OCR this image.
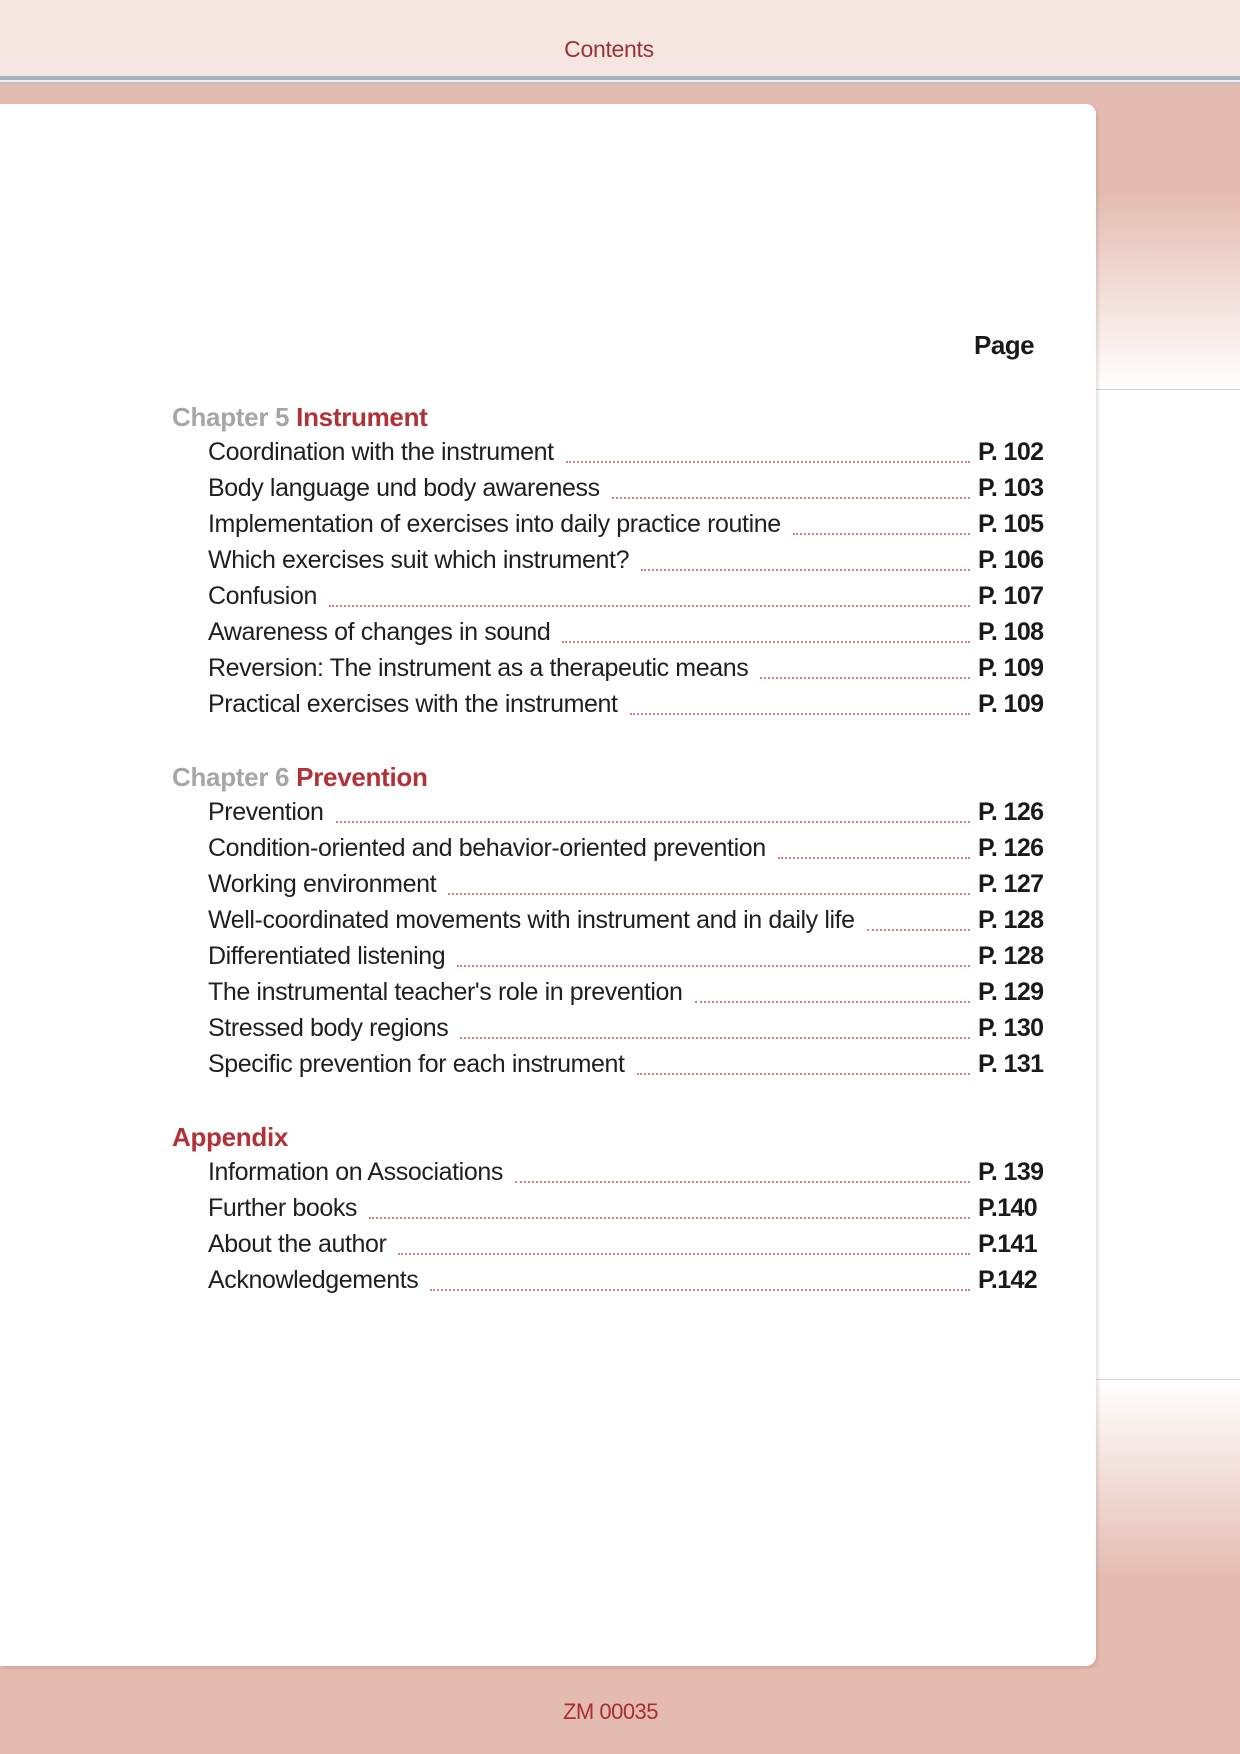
Contents
ZM 00035
Page
Chapter 5 Instrument
Coordination with the instrument	P. 102
Body language und body awareness	P. 103
Implementation of exercises into daily practice routine	P. 105
Which exercises suit which instrument?	P. 106
Confusion	P. 107
Awareness of changes in sound	P. 108
Reversion: The instrument as a therapeutic means	P. 109
Practical exercises with the instrument	P. 109
Chapter 6 Prevention
Prevention	P. 126
Condition-oriented and behavior-oriented prevention	P. 126
Working environment	P. 127
Well-coordinated movements with instrument and in daily life	P. 128
Differentiated listening	P. 128
The instrumental teacher's role in prevention	P. 129
Stressed body regions	P. 130
Specific prevention for each instrument	P. 131
Appendix
Information on Associations	P. 139
Further books	P.140
About the author	P.141
Acknowledgements	P.142
